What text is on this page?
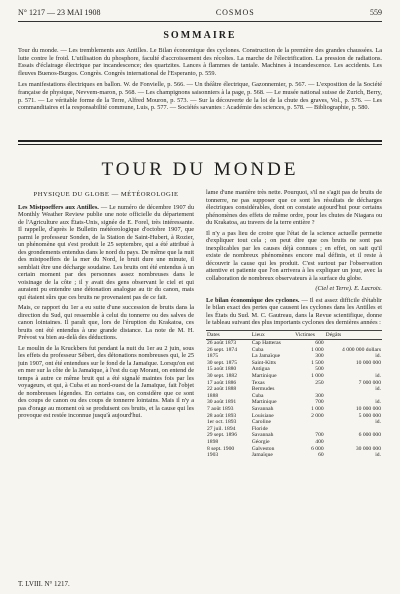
N° 1217 — 23 MAI 1908	COSMOS	559
SOMMAIRE

Tour du monde. — Les tremblements aux Antilles. Le Bilan économique des cyclones. Construction de la première des grandes chaussées. La lutte contre le froid. L'utilisation du phosphore, faculté d'accroissement des récoltes. La marche de l'électrification. La pression de radiations. Essais d'éclairage électrique par incandescence; des quartzites. Lances à flammes de tantale. Machines à incandescence. Les accidents. Les fleuves Buenos-Burgos. Congrès. Congrès international de l'Esperanto, p. 559.

Les manifestations électriques en ballon. W. de Fonvielle, p. 566. — Un théâtre électrique, Gazonnemier, p. 567. — L'exposition de la Société française de physique, Nevvem-maron, p. 568. — Les champignons saisonniers à la page, p. 568. — Le musée national suisse de Zurich, Berry, p. 571. — Le véritable forme de la Terre, Alfred Mouron, p. 573. — Sur la découverte de la loi de la chute des graves, Vol., p. 576. — Les commanditaires et la responsabilité commune, Luis, p. 577. — Sociétés savantes : Académie des sciences, p. 578. — Bibliographie, p. 580.

TOUR DU MONDE
PHYSIQUE DU GLOBE — MÉTÉOROLOGIE

Les Mistpoeffers aux Antilles. — Le numéro de décembre 1907 du Monthly Weather Review publie une note officielle du département de l'Agriculture aux États-Unis, signée de E. Forel, très intéressante. Il rappelle, d'après le Bulletin météorologique d'octobre 1907, que parmi le professeur Sonden, de la Station de Saint-Hubert, à Rozier, un phénomène qui s'est produit le 25 septembre, qui a été attribué à des grondements entendus dans le nord du pays. De même que la nuit des mistpoeffers de la mer du Nord, le bruit dure une minute, il semblait être une décharge soudaine. Les bruits ont été entendus à un certain moment par des personnes assez nombreuses dans le voisinage de la côte ; il y avait des gens observant le ciel et qui auraient pu entendre une détonation analogue au tir du canon, mais qui étaient sûrs que ces bruits ne provenaient pas de ce fait.

Mais, ce rapport du 1er a eu suite d'une succession de bruits dans la direction du Sud, qui ressemble à celui du tonnerre ou des salves de canon lointaines. Il paraît que, lors de l'éruption du Krakatoa, ces bruits ont été entendus à une grande distance. La note de M. H. Prévost va bien au-delà des déductions.

Le moulin de la Kruckbers fut pendant la nuit du 1er au 2 juin, sous les effets du professeur Sébert, des détonations nombreuses qui, le 25 juin 1907, ont été entendues sur le fond de la Jamaïque. Lorsqu'on est en mer sur la côte de la Jamaïque, à l'est du cap Morant, on entend de temps à autre ce même bruit qui a été signalé maintes fois par les voyageurs, et qui, à Cuba et au nord-ouest de la Jamaïque, fait l'objet de nombreuses légendes. En certains cas, on considère que ce sont des coups de canon ou des coups de tonnerre lointains. Mais il n'y a pas d'orage au moment où se produisent ces bruits, et la cause qui les provoque est restée inconnue jusqu'à aujourd'hui.

lame d'une manière très nette. Pourquoi, s'il ne s'agit pas de bruits de tonnerre, ne pas supposer que ce sont les résultats de décharges électriques considérables, dont on constate aujourd'hui pour certains phénomènes des effets de même ordre, pour les chutes de Niagara ou du Krakatoa, au travers de la terre entière ?

Il n'y a pas lieu de croire que l'état de la science actuelle permette d'expliquer tout cela ; on peut dire que ces bruits ne sont pas inexplicables par les causes déjà connues ; en effet, on sait qu'il existe de nombreux phénomènes encore mal définis, et il reste à découvrir la cause qui les produit. C'est surtout par l'observation attentive et patiente que l'on arrivera à les expliquer un jour, avec la collaboration de nombreux observateurs à la surface du globe.

(Ciel et Terre). E. Lacroix.

Le bilan économique des cyclones. — Il est assez difficile d'établir le bilan exact des pertes que causent les cyclones dans les Antilles et les États du Sud. M. C. Gautreau, dans la Revue scientifique, donne le tableau suivant des plus importants cyclones des dernières années :

Dates	Lieux	Victimes	Dégâts
26 août 1873	Cap Hatteras	600	
26 sept. 1874	Cuba	1 000	4 000 000 dollars
1875	La Jamaïque	300	id.
30 sept. 1875	Saint-Kitts	1 500	10 000 000
15 août 1880	Antigua	500	
30 sept. 1882	Martinique	1 000	id.
17 août 1886	Texas	250	7 000 000
22 août 1888	Bermudes		id.
1888	Cuba	300	
30 août 1891	Martinique	700	id.
7 août 1893	Savannah	1 000	10 000 000
28 août 1893	Louisiane	2 000	5 000 000
1er oct. 1893	Caroline		id.
27 juil. 1894	Floride		
29 sept. 1896	Savannah	700	6 000 000
1898	Géorgie	400	
8 sept. 1900	Galveston	6 000	30 000 000
1903	Jamaïque	60	id.
T. LVIII. N° 1217.
